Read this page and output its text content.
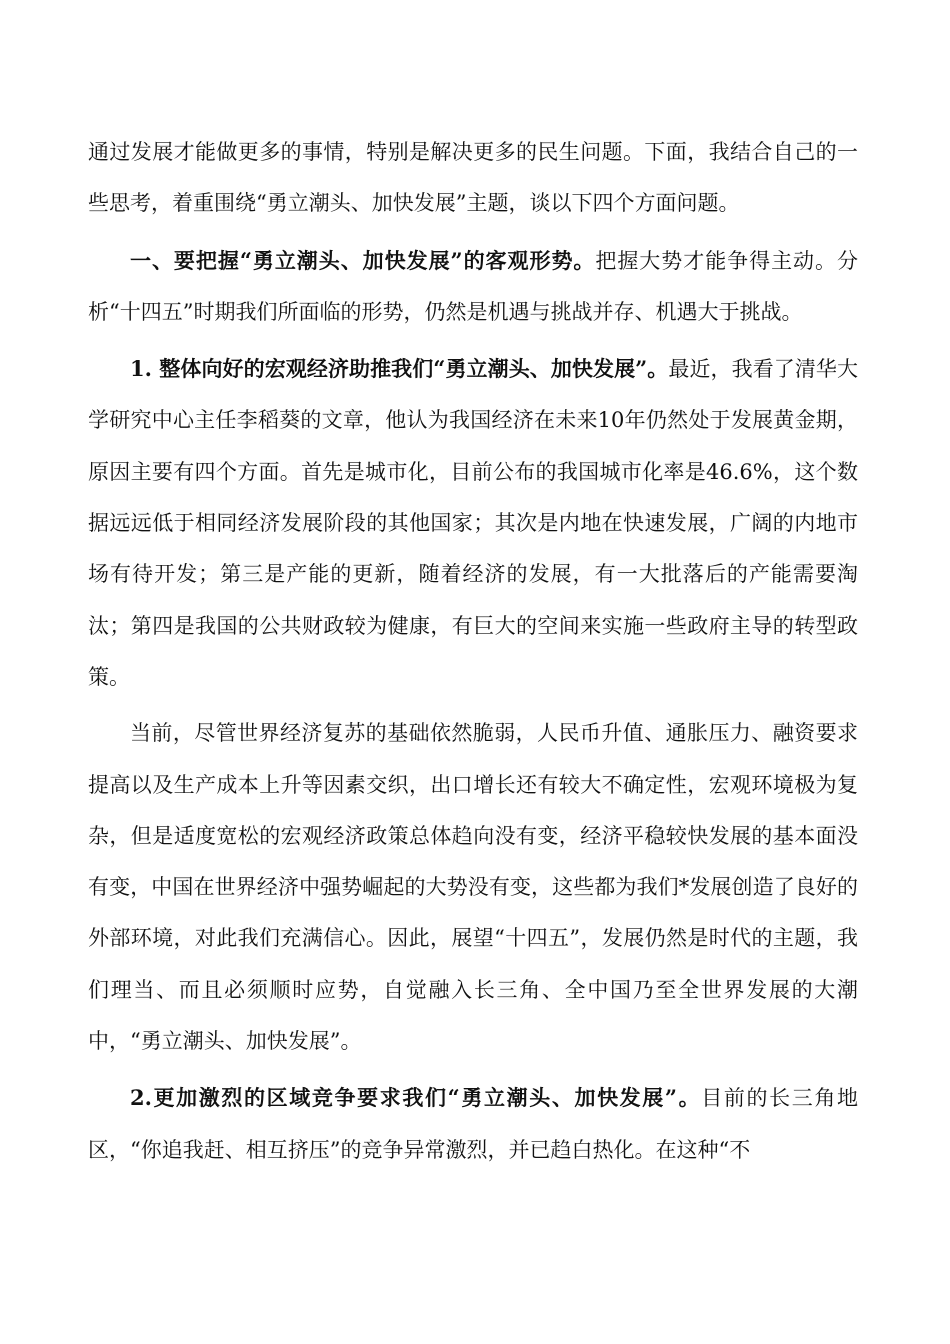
通过发展才能做更多的事情，特别是解决更多的民生问题。下面，我结合自己的一些思考，着重围绕“勇立潮头、加快发展”主题，谈以下四个方面问题。

一、要把握“勇立潮头、加快发展”的客观形势。把握大势才能争得主动。分析“十四五”时期我们所面临的形势，仍然是机遇与挑战并存、机遇大于挑战。

1. 整体向好的宏观经济助推我们“勇立潮头、加快发展”。最近，我看了清华大学研究中心主任李稻葵的文章，他认为我国经济在未来10年仍然处于发展黄金期，原因主要有四个方面。首先是城市化，目前公布的我国城市化率是46.6%，这个数据远远低于相同经济发展阶段的其他国家；其次是内地在快速发展，广阔的内地市场有待开发；第三是产能的更新，随着经济的发展，有一大批落后的产能需要淘汰；第四是我国的公共财政较为健康，有巨大的空间来实施一些政府主导的转型政策。

当前，尽管世界经济复苏的基础依然脆弱，人民币升值、通胀压力、融资要求提高以及生产成本上升等因素交织，出口增长还有较大不确定性，宏观环境极为复杂，但是适度宽松的宏观经济政策总体趋向没有变，经济平稳较快发展的基本面没有变，中国在世界经济中强势崛起的大势没有变，这些都为我们*发展创造了良好的外部环境，对此我们充满信心。因此，展望“十四五”，发展仍然是时代的主题，我们理当、而且必须顺时应势，自觉融入长三角、全中国乃至全世界发展的大潮中，“勇立潮头、加快发展”。

2.更加激烈的区域竞争要求我们“勇立潮头、加快发展”。目前的长三角地区，“你追我赶、相互挤压”的竞争异常激烈，并已趋白热化。在这种“不
